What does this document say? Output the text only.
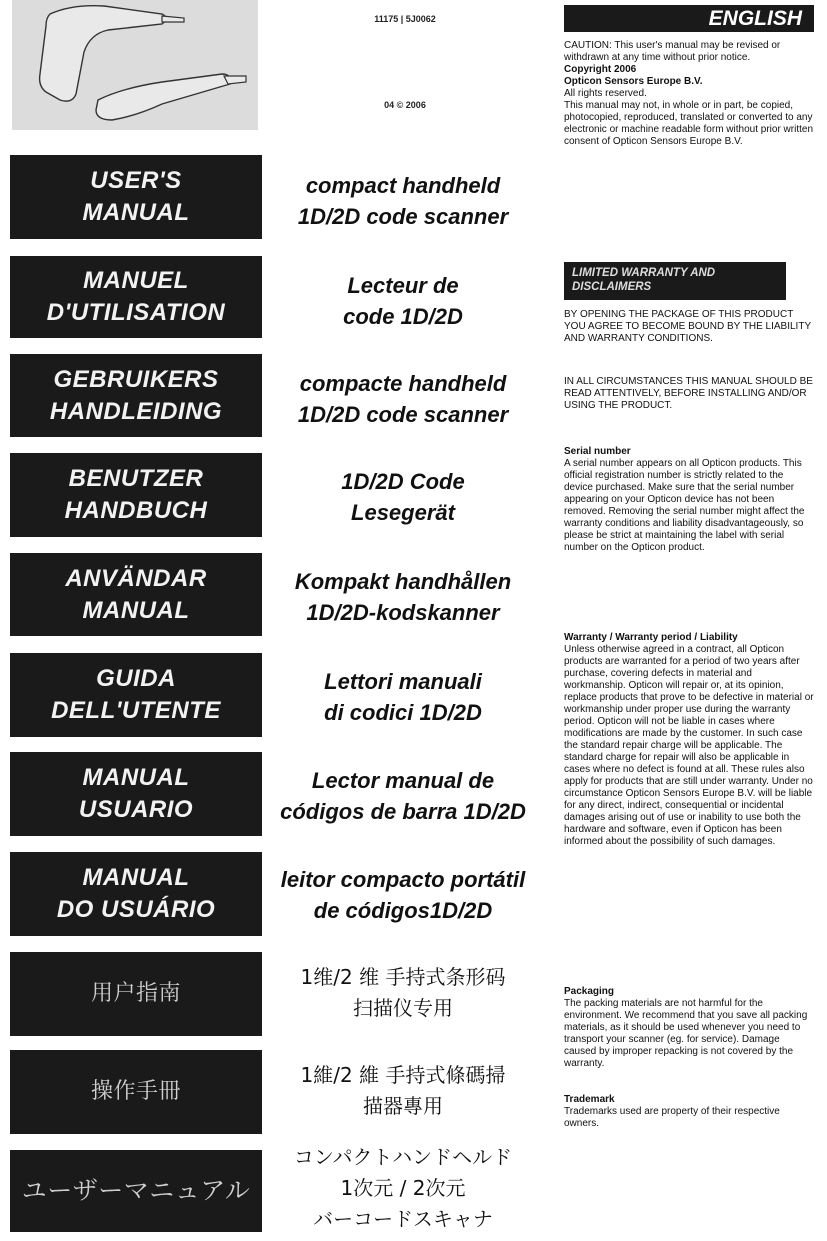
11175 | 5J0062
04 © 2006
USER'S
MANUAL
compact handheld
1D/2D code scanner
MANUEL
D'UTILISATION
Lecteur de
code 1D/2D
GEBRUIKERS
HANDLEIDING
compacte handheld
1D/2D code scanner
BENUTZER
HANDBUCH
1D/2D Code
Lesegerät
ANVÄNDAR
MANUAL
Kompakt handhållen
1D/2D-kodskanner
GUIDA
DELL'UTENTE
Lettori manuali
di codici 1D/2D
MANUAL
USUARIO
Lector manual de
códigos de barra 1D/2D
MANUAL
DO USUÁRIO
leitor compacto portátil
de códigos1D/2D
用户指南
1维/2 维 手持式条形码
扫描仪专用
操作手冊
1維/2 維 手持式條碼掃
描器專用
ユーザーマニュアル
コンパクトハンドヘルド
1次元 / 2次元
バーコードスキャナ
ENGLISH

CAUTION: This user's manual may be revised or withdrawn at any time without prior notice.

Copyright 2006

Opticon Sensors Europe B.V.

All rights reserved.

This manual may not, in whole or in part, be copied, photocopied, reproduced, translated or converted to any electronic or machine readable form without prior written consent of Opticon Sensors Europe B.V.

LIMITED WARRANTY AND
DISCLAIMERS
BY OPENING THE PACKAGE OF THIS PRODUCT YOU AGREE TO BECOME BOUND BY THE LIABILITY AND WARRANTY CONDITIONS.
IN ALL CIRCUMSTANCES THIS MANUAL SHOULD BE READ ATTENTIVELY, BEFORE INSTALLING AND/OR USING THE PRODUCT.

Serial number

A serial number appears on all Opticon products. This official registration number is strictly related to the device purchased. Make sure that the serial number appearing on your Opticon device has not been removed. Removing the serial number might affect the warranty conditions and liability disadvantageously, so please be strict at maintaining the label with serial number on the Opticon product.

Warranty / Warranty period / Liability

Unless otherwise agreed in a contract, all Opticon products are warranted for a period of two years after purchase, covering defects in material and workmanship. Opticon will repair or, at its opinion, replace products that prove to be defective in material or workmanship under proper use during the warranty period. Opticon will not be liable in cases where modifications are made by the customer. In such case the standard repair charge will be applicable. The standard charge for repair will also be applicable in cases where no defect is found at all. These rules also apply for products that are still under warranty. Under no circumstance Opticon Sensors Europe B.V. will be liable for any direct, indirect, consequential or incidental damages arising out of use or inability to use both the hardware and software, even if Opticon has been informed about the possibility of such damages.

Packaging

The packing materials are not harmful for the environment. We recommend that you save all packing materials, as it should be used whenever you need to transport your scanner (eg. for service). Damage caused by improper repacking is not covered by the warranty.

Trademark

Trademarks used are property of their respective owners.
